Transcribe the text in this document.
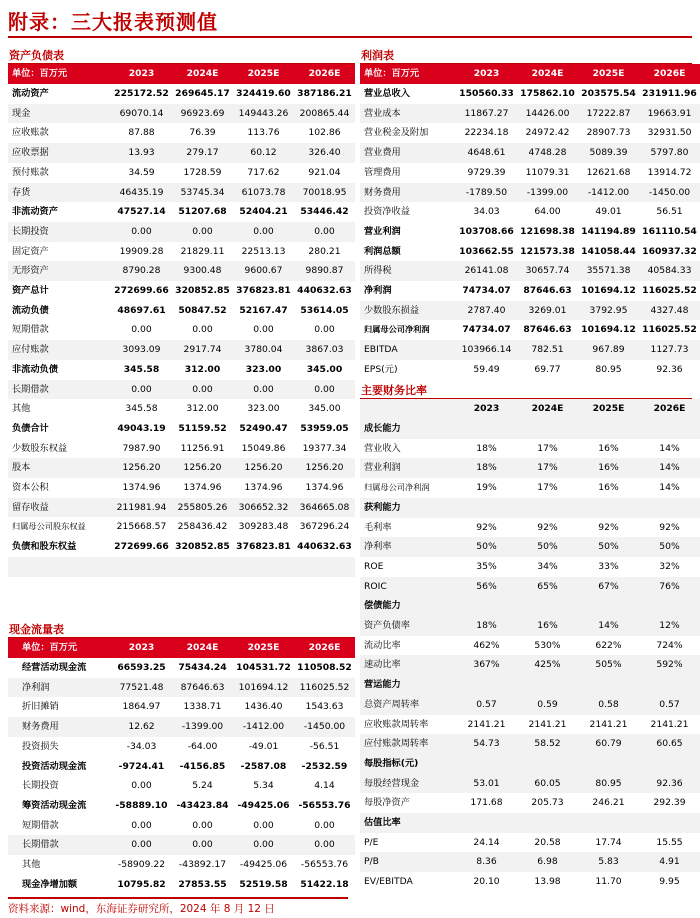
附录：三大报表预测值
资产负债表
单位：百万元	2023	2024E	2025E	2026E
流动资产	225172.52	269645.17	324419.60	387186.21
现金	69070.14	96923.69	149443.26	200865.44
应收账款	87.88	76.39	113.76	102.86
应收票据	13.93	279.17	60.12	326.40
预付账款	34.59	1728.59	717.62	921.04
存货	46435.19	53745.34	61073.78	70018.95
非流动资产	47527.14	51207.68	52404.21	53446.42
长期投资	0.00	0.00	0.00	0.00
固定资产	19909.28	21829.11	22513.13	280.21
无形资产	8790.28	9300.48	9600.67	9890.87
资产总计	272699.66	320852.85	376823.81	440632.63
流动负债	48697.61	50847.52	52167.47	53614.05
短期借款	0.00	0.00	0.00	0.00
应付账款	3093.09	2917.74	3780.04	3867.03
非流动负债	345.58	312.00	323.00	345.00
长期借款	0.00	0.00	0.00	0.00
其他	345.58	312.00	323.00	345.00
负债合计	49043.19	51159.52	52490.47	53959.05
少数股东权益	7987.90	11256.91	15049.86	19377.34
股本	1256.20	1256.20	1256.20	1256.20
资本公积	1374.96	1374.96	1374.96	1374.96
留存收益	211981.94	255805.26	306652.32	364665.08
归属母公司股东权益	215668.57	258436.42	309283.48	367296.24
负债和股东权益	272699.66	320852.85	376823.81	440632.63
现金流量表
单位：百万元	2023	2024E	2025E	2026E
经营活动现金流	66593.25	75434.24	104531.72	110508.52
净利润	77521.48	87646.63	101694.12	116025.52
折旧摊销	1864.97	1338.71	1436.40	1543.63
财务费用	12.62	-1399.00	-1412.00	-1450.00
投资损失	-34.03	-64.00	-49.01	-56.51
投资活动现金流	-9724.41	-4156.85	-2587.08	-2532.59
长期投资	0.00	5.24	5.34	4.14
筹资活动现金流	-58889.10	-43423.84	-49425.06	-56553.76
短期借款	0.00	0.00	0.00	0.00
长期借款	0.00	0.00	0.00	0.00
其他	-58909.22	-43892.17	-49425.06	-56553.76
现金净增加额	10795.82	27853.55	52519.58	51422.18
利润表
单位：百万元	2023	2024E	2025E	2026E
营业总收入	150560.33	175862.10	203575.54	231911.96
营业成本	11867.27	14426.00	17222.87	19663.91
营业税金及附加	22234.18	24972.42	28907.73	32931.50
营业费用	4648.61	4748.28	5089.39	5797.80
管理费用	9729.39	11079.31	12621.68	13914.72
财务费用	-1789.50	-1399.00	-1412.00	-1450.00
投资净收益	34.03	64.00	49.01	56.51
营业利润	103708.66	121698.38	141194.89	161110.54
利润总额	103662.55	121573.38	141058.44	160937.32
所得税	26141.08	30657.74	35571.38	40584.33
净利润	74734.07	87646.63	101694.12	116025.52
少数股东损益	2787.40	3269.01	3792.95	4327.48
归属母公司净利润	74734.07	87646.63	101694.12	116025.52
EBITDA	103966.14	782.51	967.89	1127.73
EPS(元)	59.49	69.77	80.95	92.36
主要财务比率
	2023	2024E	2025E	2026E
成长能力				
营业收入	18%	17%	16%	14%
营业利润	18%	17%	16%	14%
归属母公司净利润	19%	17%	16%	14%
获利能力				
毛利率	92%	92%	92%	92%
净利率	50%	50%	50%	50%
ROE	35%	34%	33%	32%
ROIC	56%	65%	67%	76%
偿债能力				
资产负债率	18%	16%	14%	12%
流动比率	462%	530%	622%	724%
速动比率	367%	425%	505%	592%
营运能力				
总资产周转率	0.57	0.59	0.58	0.57
应收账款周转率	2141.21	2141.21	2141.21	2141.21
应付账款周转率	54.73	58.52	60.79	60.65
每股指标(元)				
每股经营现金	53.01	60.05	80.95	92.36
每股净资产	171.68	205.73	246.21	292.39
估值比率				
P/E	24.14	20.58	17.74	15.55
P/B	8.36	6.98	5.83	4.91
EV/EBITDA	20.10	13.98	11.70	9.95
资料来源：wind，东海证券研究所，2024 年 8 月 12 日
